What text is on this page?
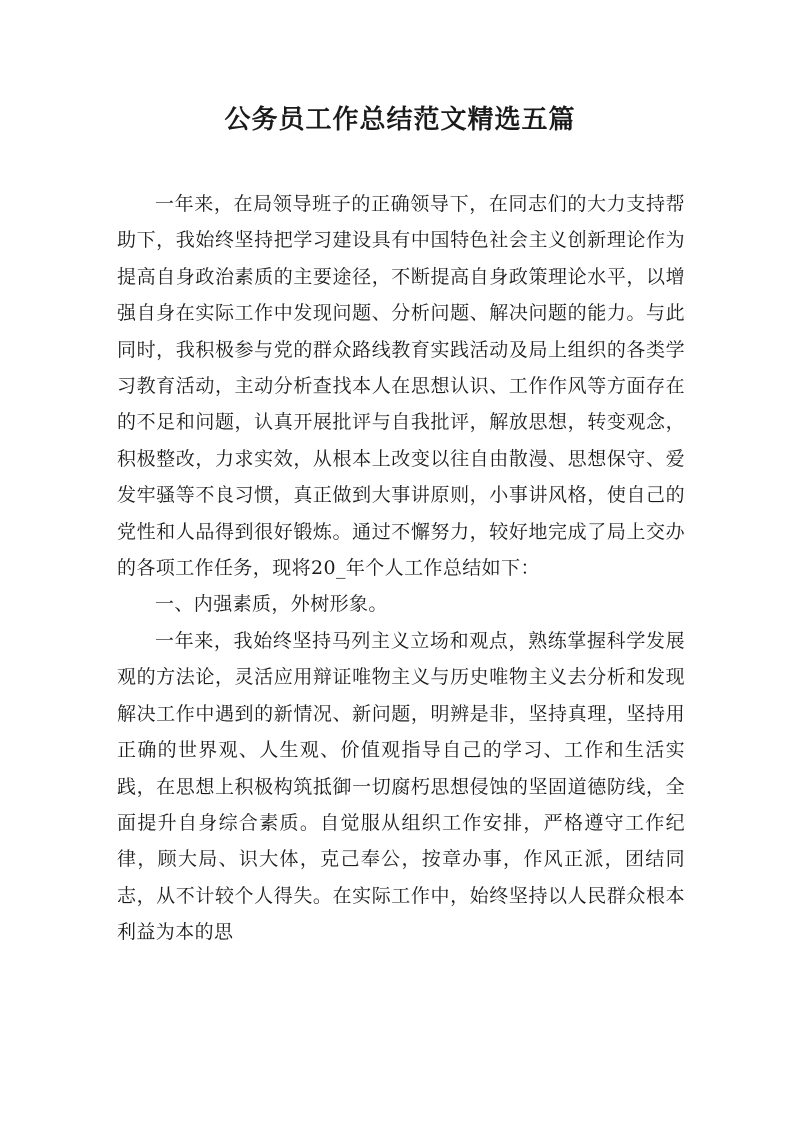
公务员工作总结范文精选五篇

一年来，在局领导班子的正确领导下，在同志们的大力支持帮助下，我始终坚持把学习建设具有中国特色社会主义创新理论作为提高自身政治素质的主要途径，不断提高自身政策理论水平，以增强自身在实际工作中发现问题、分析问题、解决问题的能力。与此同时，我积极参与党的群众路线教育实践活动及局上组织的各类学习教育活动，主动分析查找本人在思想认识、工作作风等方面存在的不足和问题，认真开展批评与自我批评，解放思想，转变观念，积极整改，力求实效，从根本上改变以往自由散漫、思想保守、爱发牢骚等不良习惯，真正做到大事讲原则，小事讲风格，使自己的党性和人品得到很好锻炼。通过不懈努力，较好地完成了局上交办的各项工作任务，现将20_年个人工作总结如下：

一、内强素质，外树形象。

一年来，我始终坚持马列主义立场和观点，熟练掌握科学发展观的方法论，灵活应用辩证唯物主义与历史唯物主义去分析和发现解决工作中遇到的新情况、新问题，明辨是非，坚持真理，坚持用正确的世界观、人生观、价值观指导自己的学习、工作和生活实践，在思想上积极构筑抵御一切腐朽思想侵蚀的坚固道德防线，全面提升自身综合素质。自觉服从组织工作安排，严格遵守工作纪律，顾大局、识大体，克己奉公，按章办事，作风正派，团结同志，从不计较个人得失。在实际工作中，始终坚持以人民群众根本利益为本的思
